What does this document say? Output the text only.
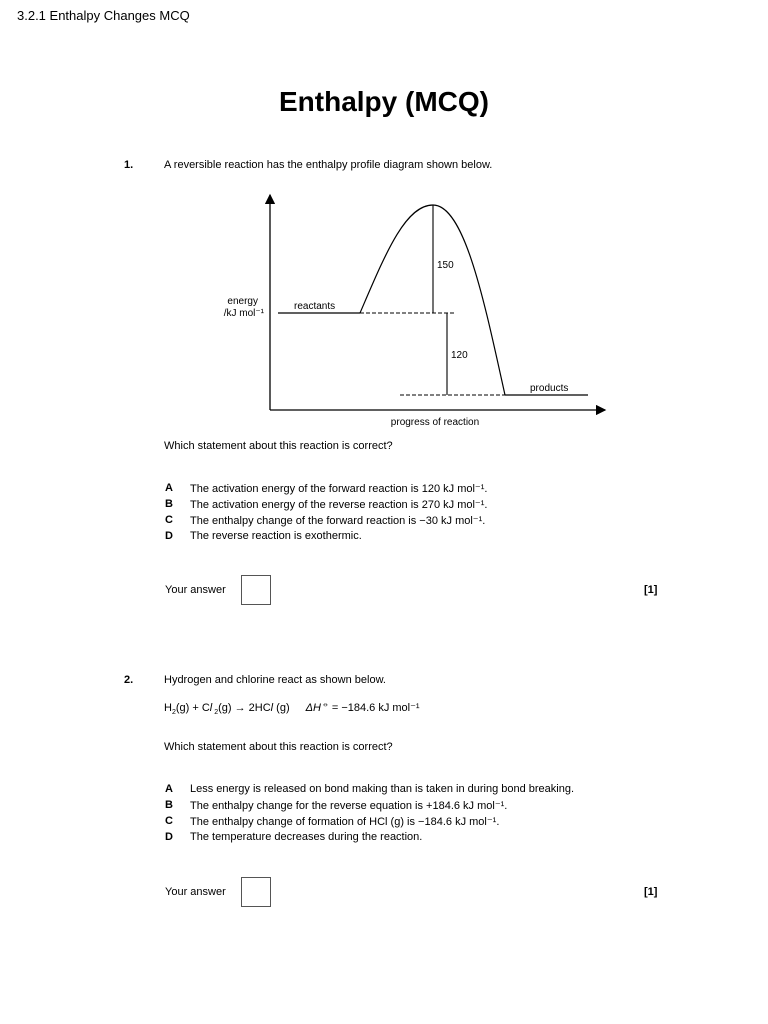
3.2.1 Enthalpy Changes MCQ
Enthalpy (MCQ)
1.	A reversible reaction has the enthalpy profile diagram shown below.
150
120
reactants
products
energy
/kJ mol⁻¹
progress of reaction
Which statement about this reaction is correct?
A The activation energy of the forward reaction is 120 kJ mol⁻¹.
B The activation energy of the reverse reaction is 270 kJ mol⁻¹.
C The enthalpy change of the forward reaction is −30 kJ mol⁻¹.
D The reverse reaction is exothermic.
Your answer	[1]
2.	Hydrogen and chlorine react as shown below.
$H_2(g) + Cl$ $_2$(g) → 2HCl (g) ΔH ⦵ = −184.6 kJ mol⁻¹
Which statement about this reaction is correct?
A Less energy is released on bond making than is taken in during bond breaking.
B The enthalpy change for the reverse equation is +184.6 kJ mol⁻¹.
C The enthalpy change of formation of HCl (g) is −184.6 kJ mol⁻¹.
D The temperature decreases during the reaction.
Your answer	[1]
